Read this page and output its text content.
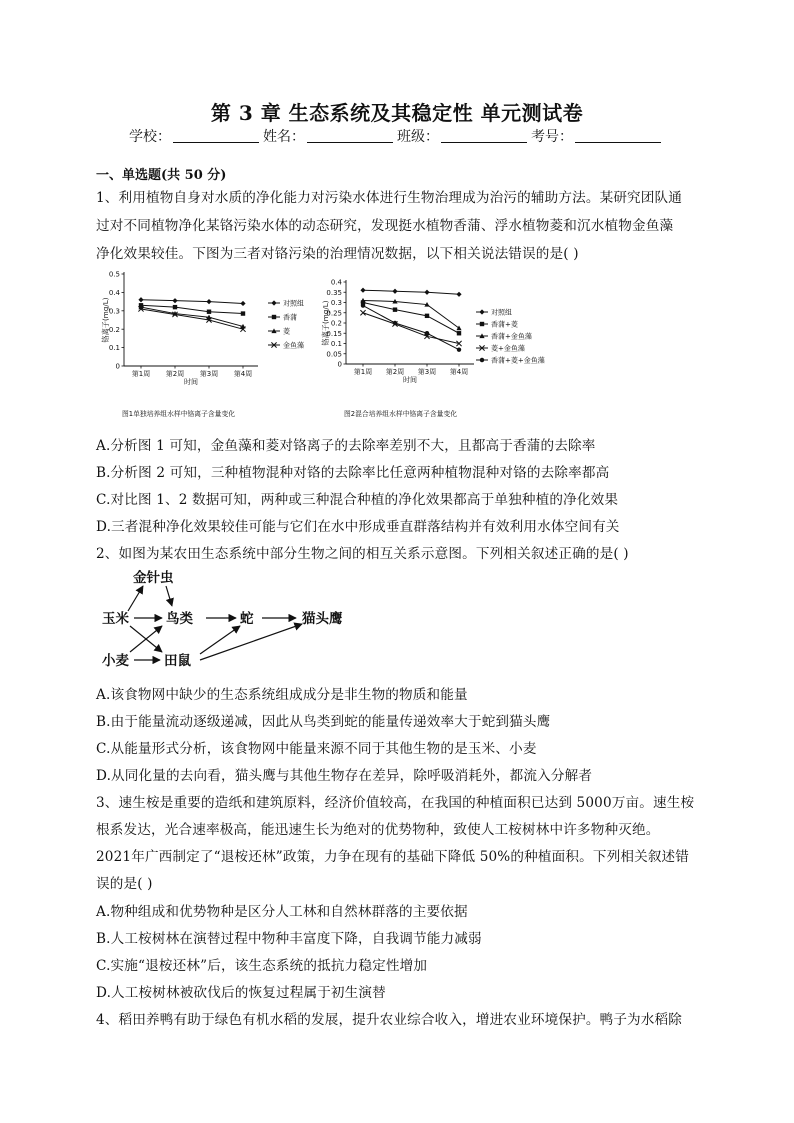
第 3 章 生态系统及其稳定性 单元测试卷
学校：	姓名：	班级：	考号：
一、单选题(共 50 分)
1、利用植物自身对水质的净化能力对污染水体进行生物治理成为治污的辅助方法。某研究团队通
过对不同植物净化某铬污染水体的动态研究，发现挺水植物香蒲、浮水植物菱和沉水植物金鱼藻
净化效果较佳。下图为三者对铬污染的治理情况数据，以下相关说法错误的是( )
0
0.1
0.2
0.3
0.4
0.5
第1周 第2周 第3周 第4周
时间
铬离子(mg/L)
图1单独培养组水样中铬离子含量变化
对照组
香蒲
菱
金鱼藻
0
0.05
0.1
0.15
0.2
0.25
0.3
0.35
0.4
第1周 第2周 第3周 第4周
时间
铬离子(mg/L)
图2混合培养组水样中铬离子含量变化
对照组
香蒲+菱
香蒲+金鱼藻
菱+金鱼藻
香蒲+菱+金鱼藻
A.分析图 1 可知，金鱼藻和菱对铬离子的去除率差别不大，且都高于香蒲的去除率
B.分析图 2 可知，三种植物混种对铬的去除率比任意两种植物混种对铬的去除率都高
C.对比图 1、2 数据可知，两种或三种混合种植的净化效果都高于单独种植的净化效果
D.三者混种净化效果较佳可能与它们在水中形成垂直群落结构并有效利用水体空间有关
2、如图为某农田生态系统中部分生物之间的相互关系示意图。下列相关叙述正确的是( )
金针虫
玉米	鸟类	蛇	猫头鹰
小麦	田鼠
A.该食物网中缺少的生态系统组成成分是非生物的物质和能量
B.由于能量流动逐级递减，因此从鸟类到蛇的能量传递效率大于蛇到猫头鹰
C.从能量形式分析，该食物网中能量来源不同于其他生物的是玉米、小麦
D.从同化量的去向看，猫头鹰与其他生物存在差异，除呼吸消耗外，都流入分解者
3、速生桉是重要的造纸和建筑原料，经济价值较高，在我国的种植面积已达到 5000万亩。速生桉
根系发达，光合速率极高，能迅速生长为绝对的优势物种，致使人工桉树林中许多物种灭绝。
2021年广西制定了“退桉还林”政策，力争在现有的基础下降低 50%的种植面积。下列相关叙述错
误的是( )
A.物种组成和优势物种是区分人工林和自然林群落的主要依据
B.人工桉树林在演替过程中物种丰富度下降，自我调节能力减弱
C.实施“退桉还林”后，该生态系统的抵抗力稳定性增加
D.人工桉树林被砍伐后的恢复过程属于初生演替
4、稻田养鸭有助于绿色有机水稻的发展，提升农业综合收入，增进农业环境保护。鸭子为水稻除
